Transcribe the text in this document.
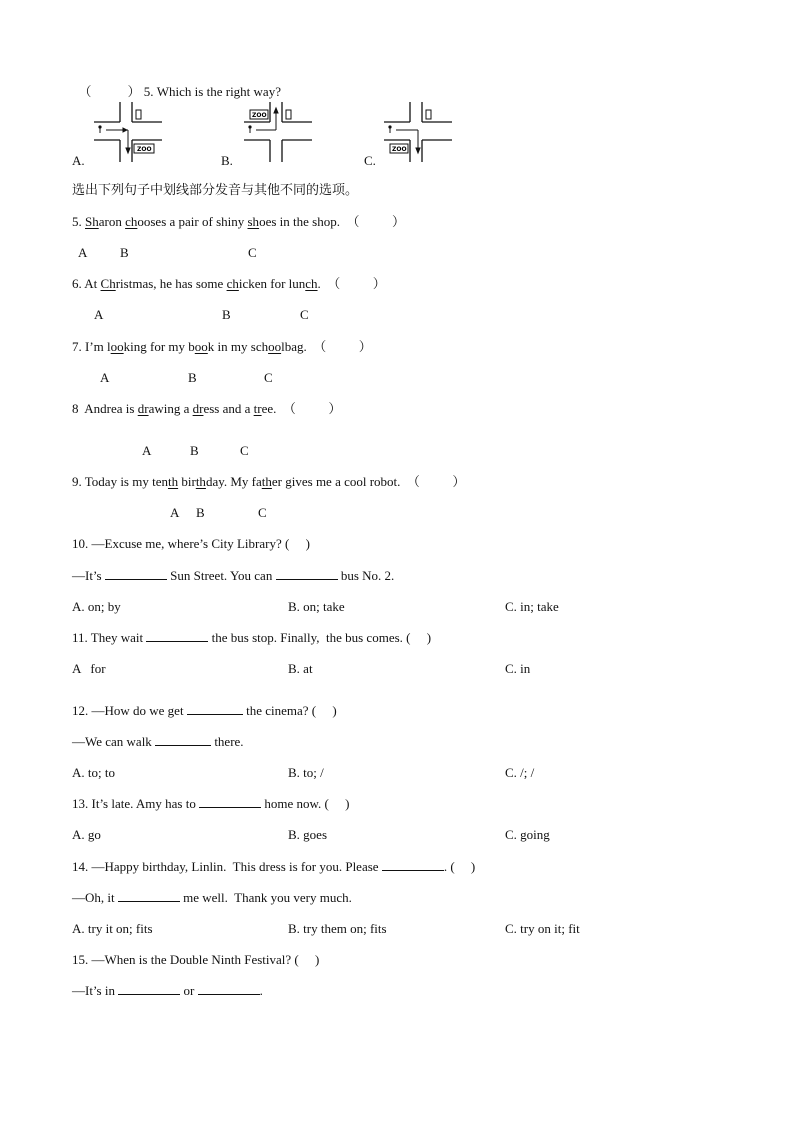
（	） 5. Which is the right way?

ZOO
ZOO
ZOO
A.	B.	C.
选出下列句子中划线部分发音与其他不同的选项。
5. Sharon chooses a pair of shiny shoes in the shop.  （          ）
A	B	C
6. At Christmas, he has some chicken for lunch.  （          ）
A	B	C
7. I’m looking for my book in my schoolbag.  （          ）
A	B	C
8  Andrea is drawing a dress and a tree.  （          ）
A	B	C
9. Today is my tenth birthday. My father gives me a cool robot.  （          ）
A B	C
10. —Excuse me, where’s City Library? (     )
—It’s	Sun Street. You can	bus No. 2.
A. on; by	B. on; take	C. in; take
11. They wait	the bus stop. Finally,  the bus comes. (     )
A   for	B. at	C. in
12. —How do we get	the cinema? (     )
—We can walk	there.
A. to; to	B. to; /	C. /; /
13. It’s late. Amy has to	home now. (     )
A. go	B. goes	C. going
14. —Happy birthday, Linlin.  This dress is for you. Please	. (     )
—Oh, it	me well.  Thank you very much.
A. try it on; fits	B. try them on; fits	C. try on it; fit
15. —When is the Double Ninth Festival? (     )
—It’s in	or	.
